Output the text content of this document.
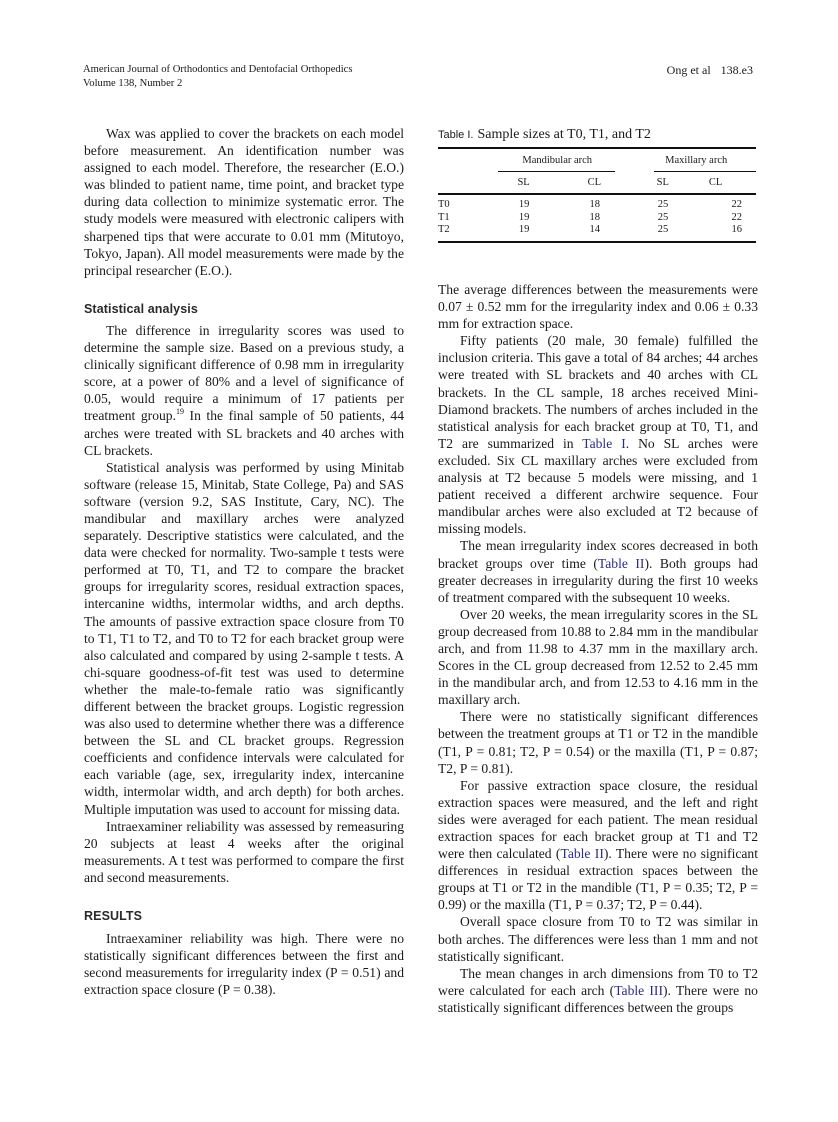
American Journal of Orthodontics and Dentofacial Orthopedics
Volume 138, Number 2
Ong et al 138.e3

Wax was applied to cover the brackets on each model before measurement. An identification number was assigned to each model. Therefore, the researcher (E.O.) was blinded to patient name, time point, and bracket type during data collection to minimize systematic error. The study models were measured with electronic calipers with sharpened tips that were accurate to 0.01 mm (Mitutoyo, Tokyo, Japan). All model measurements were made by the principal researcher (E.O.).

Statistical analysis

The difference in irregularity scores was used to determine the sample size. Based on a previous study, a clinically significant difference of 0.98 mm in irregularity score, at a power of 80% and a level of significance of 0.05, would require a minimum of 17 patients per treatment group.$^{19}$ In the final sample of 50 patients, 44 arches were treated with SL brackets and 40 arches with CL brackets.

Statistical analysis was performed by using Minitab software (release 15, Minitab, State College, Pa) and SAS software (version 9.2, SAS Institute, Cary, NC). The mandibular and maxillary arches were analyzed separately. Descriptive statistics were calculated, and the data were checked for normality. Two-sample t tests were performed at T0, T1, and T2 to compare the bracket groups for irregularity scores, residual extraction spaces, intercanine widths, intermolar widths, and arch depths. The amounts of passive extraction space closure from T0 to T1, T1 to T2, and T0 to T2 for each bracket group were also calculated and compared by using 2-sample t tests. A chi-square goodness-of-fit test was used to determine whether the male-to-female ratio was significantly different between the bracket groups. Logistic regression was also used to determine whether there was a difference between the SL and CL bracket groups. Regression coefficients and confidence intervals were calculated for each variable (age, sex, irregularity index, intercanine width, intermolar width, and arch depth) for both arches. Multiple imputation was used to account for missing data.

Intraexaminer reliability was assessed by remeasuring 20 subjects at least 4 weeks after the original measurements. A t test was performed to compare the first and second measurements.

RESULTS

Intraexaminer reliability was high. There were no statistically significant differences between the first and second measurements for irregularity index (P = 0.51) and extraction space closure (P = 0.38).

Table I. Sample sizes at T0, T1, and T2
	Mandibular arch	Maxillary arch
	SL	CL	SL	CL
T0	19	18	25	22
T1	19	18	25	22
T2	19	14	25	16

The average differences between the measurements were 0.07 ± 0.52 mm for the irregularity index and 0.06 ± 0.33 mm for extraction space.

Fifty patients (20 male, 30 female) fulfilled the inclusion criteria. This gave a total of 84 arches; 44 arches were treated with SL brackets and 40 arches with CL brackets. In the CL sample, 18 arches received Mini-Diamond brackets. The numbers of arches included in the statistical analysis for each bracket group at T0, T1, and T2 are summarized in Table I. No SL arches were excluded. Six CL maxillary arches were excluded from analysis at T2 because 5 models were missing, and 1 patient received a different archwire sequence. Four mandibular arches were also excluded at T2 because of missing models.

The mean irregularity index scores decreased in both bracket groups over time (Table II). Both groups had greater decreases in irregularity during the first 10 weeks of treatment compared with the subsequent 10 weeks.

Over 20 weeks, the mean irregularity scores in the SL group decreased from 10.88 to 2.84 mm in the mandibular arch, and from 11.98 to 4.37 mm in the maxillary arch. Scores in the CL group decreased from 12.52 to 2.45 mm in the mandibular arch, and from 12.53 to 4.16 mm in the maxillary arch.

There were no statistically significant differences between the treatment groups at T1 or T2 in the mandible (T1, P = 0.81; T2, P = 0.54) or the maxilla (T1, P = 0.87; T2, P = 0.81).

For passive extraction space closure, the residual extraction spaces were measured, and the left and right sides were averaged for each patient. The mean residual extraction spaces for each bracket group at T1 and T2 were then calculated (Table II). There were no significant differences in residual extraction spaces between the groups at T1 or T2 in the mandible (T1, P = 0.35; T2, P = 0.99) or the maxilla (T1, P = 0.37; T2, P = 0.44).

Overall space closure from T0 to T2 was similar in both arches. The differences were less than 1 mm and not statistically significant.

The mean changes in arch dimensions from T0 to T2 were calculated for each arch (Table III). There were no statistically significant differences between the groups
